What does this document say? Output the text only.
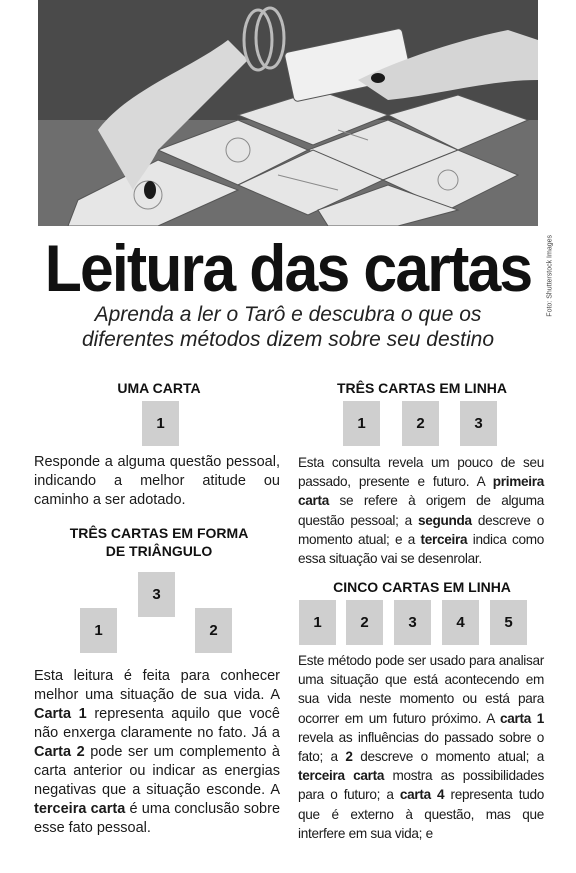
Foto: Shutterstock Images
Leitura das cartas
Aprenda a ler o Tarô e descubra o que os
diferentes métodos dizem sobre seu destino
UMA CARTA
1

Responde a alguma questão pessoal, indicando a melhor atitude ou caminho a ser adotado.

TRÊS CARTAS EM FORMA
DE TRIÂNGULO
3
1	2

Esta leitura é feita para conhecer melhor uma situação de sua vida. A Carta 1 representa aquilo que você não enxerga claramente no fato. Já a Carta 2 pode ser um complemento à carta anterior ou indicar as energias negativas que a situação esconde. A terceira carta é uma conclusão sobre esse fato pessoal.

TRÊS CARTAS EM LINHA
1	2	3

Esta consulta revela um pouco de seu passado, presente e futuro. A primeira carta se refere à origem de alguma questão pessoal; a segunda descreve o momento atual; e a terceira indica como essa situação vai se desenrolar.

CINCO CARTAS EM LINHA
1	2	3	4	5

Este método pode ser usado para analisar uma situação que está acontecendo em sua vida neste momento ou está para ocorrer em um futuro próximo. A carta 1 revela as influências do passado sobre o fato; a 2 descreve o momento atual; a terceira carta mostra as possibilidades para o futuro; a carta 4 representa tudo que é externo à questão, mas que interfere em sua vida; e
